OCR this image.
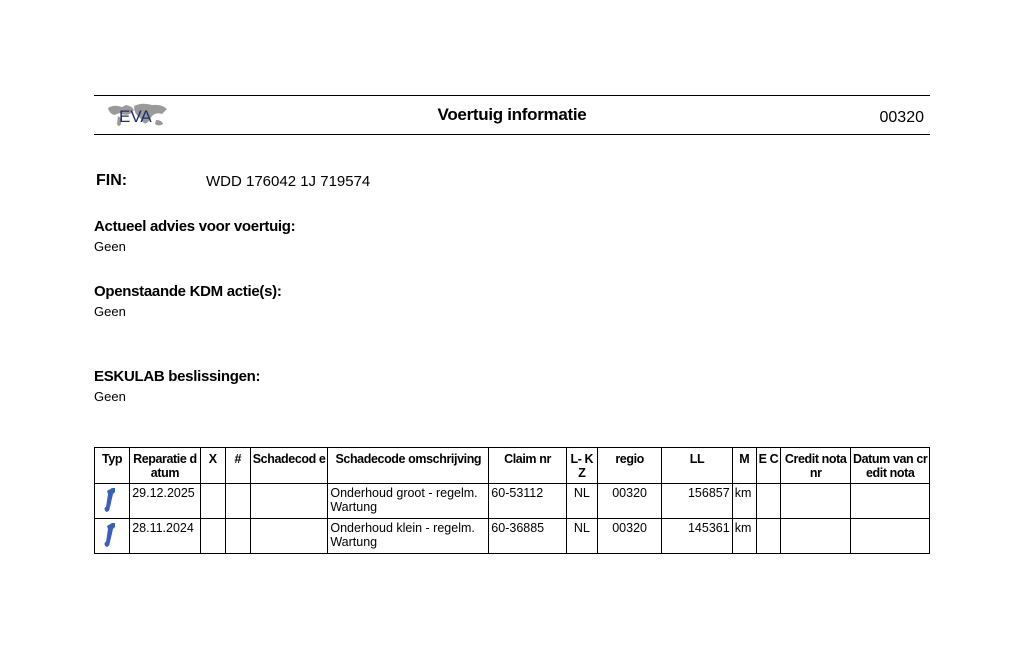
EVA	Voertuig informatie	00320
FIN:	WDD 176042 1J 719574
Actueel advies voor voertuig:
Geen
Openstaande KDM actie(s):
Geen
ESKULAB beslissingen:
Geen
Typ	Reparatie datum	X	#	Schadecod e	Schadecode omschrijving	Claim nr	L- KZ	regio	LL	M	E C	Credit nota nr	Datum van credit nota

	29.12.2025				Onderhoud groot - regelm. Wartung	60-53112	NL	00320	156857	km			

	28.11.2024				Onderhoud klein - regelm. Wartung	60-36885	NL	00320	145361	km			
